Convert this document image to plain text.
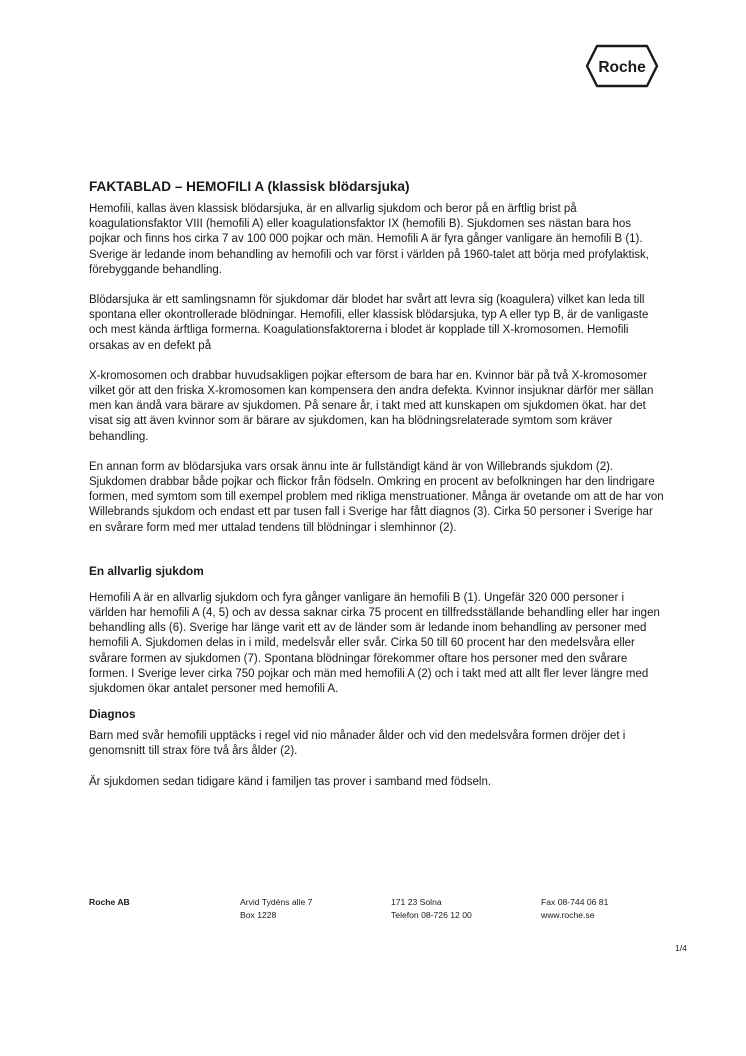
Roche
FAKTABLAD – HEMOFILI A (klassisk blödarsjuka)

Hemofili, kallas även klassisk blödarsjuka, är en allvarlig sjukdom och beror på en ärftlig brist på koagulationsfaktor VIII (hemofili A) eller koagulationsfaktor IX (hemofili B). Sjukdomen ses nästan bara hos pojkar och finns hos cirka 7 av 100 000 pojkar och män. Hemofili A är fyra gånger vanligare än hemofili B (1). Sverige är ledande inom behandling av hemofili och var först i världen på 1960-talet att börja med profylaktisk, förebyggande behandling.

Blödarsjuka är ett samlingsnamn för sjukdomar där blodet har svårt att levra sig (koagulera) vilket kan leda till spontana eller okontrollerade blödningar. Hemofili, eller klassisk blödarsjuka, typ A eller typ B, är de vanligaste och mest kända ärftliga formerna. Koagulationsfaktorerna i blodet är kopplade till X-kromosomen. Hemofili orsakas av en defekt på

X-kromosomen och drabbar huvudsakligen pojkar eftersom de bara har en. Kvinnor bär på två X-kromosomer vilket gör att den friska X-kromosomen kan kompensera den andra defekta. Kvinnor insjuknar därför mer sällan men kan ändå vara bärare av sjukdomen. På senare år, i takt med att kunskapen om sjukdomen ökat. har det visat sig att även kvinnor som är bärare av sjukdomen, kan ha blödningsrelaterade symtom som kräver behandling.

En annan form av blödarsjuka vars orsak ännu inte är fullständigt känd är von Willebrands sjukdom (2). Sjukdomen drabbar både pojkar och flickor från födseln. Omkring en procent av befolkningen har den lindrigare formen, med symtom som till exempel problem med rikliga menstruationer. Många är ovetande om att de har von Willebrands sjukdom och endast ett par tusen fall i Sverige har fått diagnos (3). Cirka 50 personer i Sverige har en svårare form med mer uttalad tendens till blödningar i slemhinnor (2).

En allvarlig sjukdom

Hemofili A är en allvarlig sjukdom och fyra gånger vanligare än hemofili B (1). Ungefär 320 000 personer i världen har hemofili A (4, 5) och av dessa saknar cirka 75 procent en tillfredsställande behandling eller har ingen behandling alls (6). Sverige har länge varit ett av de länder som är ledande inom behandling av personer med hemofili A. Sjukdomen delas in i mild, medelsvår eller svår. Cirka 50 till 60 procent har den medelsvåra eller svårare formen av sjukdomen (7). Spontana blödningar förekommer oftare hos personer med den svårare formen. I Sverige lever cirka 750 pojkar och män med hemofili A (2) och i takt med att allt fler lever längre med sjukdomen ökar antalet personer med hemofili A.

Diagnos

Barn med svår hemofili upptäcks i regel vid nio månader ålder och vid den medelsvåra formen dröjer det i genomsnitt till strax före två års ålder (2).

Är sjukdomen sedan tidigare känd i familjen tas prover i samband med födseln.

Roche AB	Arvid Tydéns alle 7
Box 1228
171 23 Solna
Telefon 08-726 12 00
Fax 08-744 06 81
www.roche.se
1/4
